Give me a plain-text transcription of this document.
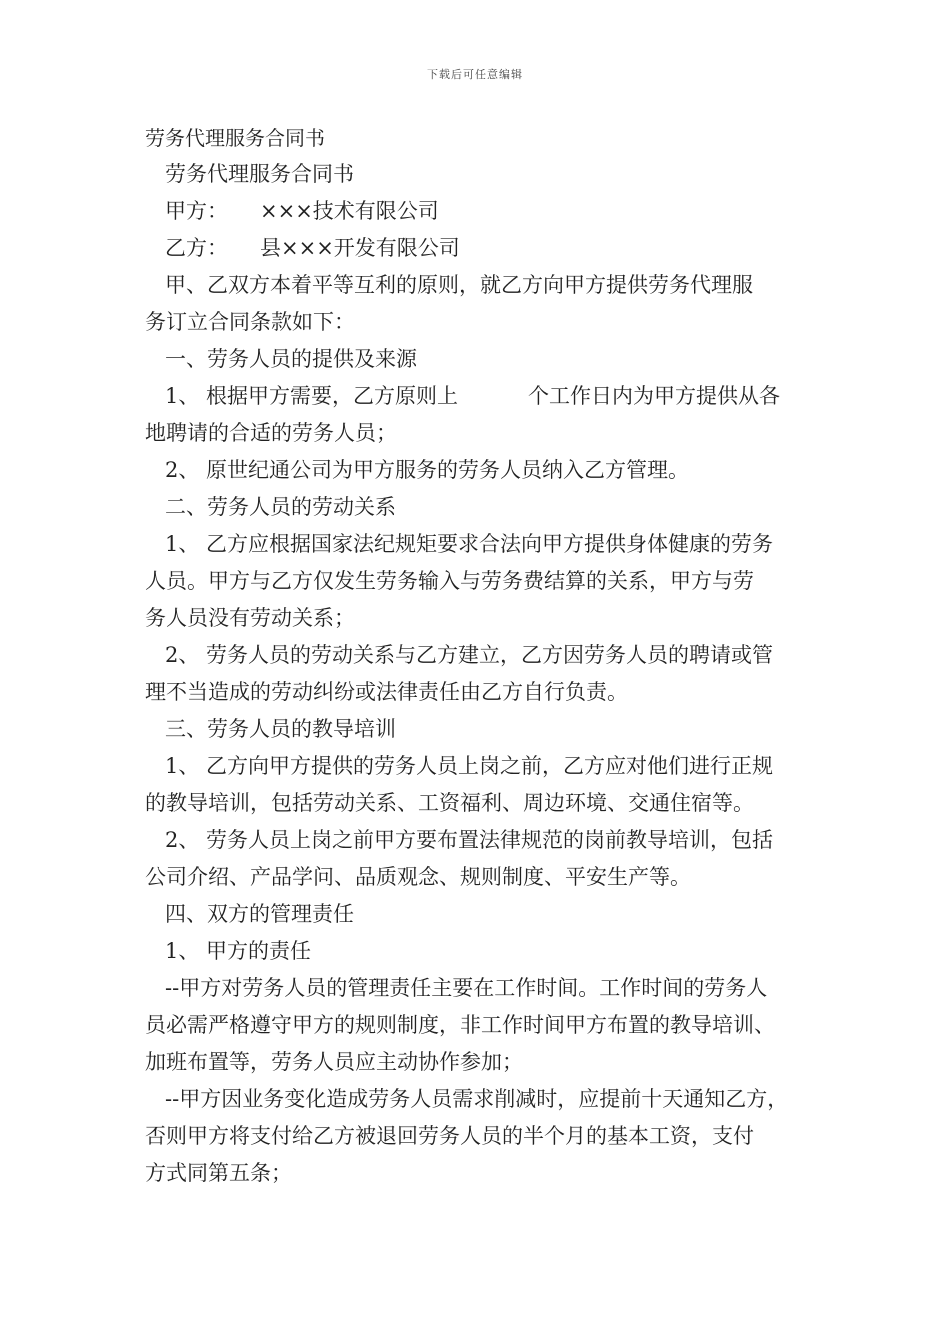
下载后可任意编辑
劳务代理服务合同书
劳务代理服务合同书
甲方： ×××技术有限公司
乙方： 县×××开发有限公司
甲、乙双方本着平等互利的原则，就乙方向甲方提供劳务代理服
务订立合同条款如下：
一、劳务人员的提供及来源
1、 根据甲方需要，乙方原则上	个工作日内为甲方提供从各
地聘请的合适的劳务人员；
2、 原世纪通公司为甲方服务的劳务人员纳入乙方管理。
二、劳务人员的劳动关系
1、 乙方应根据国家法纪规矩要求合法向甲方提供身体健康的劳务
人员。甲方与乙方仅发生劳务输入与劳务费结算的关系，甲方与劳
务人员没有劳动关系；
2、 劳务人员的劳动关系与乙方建立，乙方因劳务人员的聘请或管
理不当造成的劳动纠纷或法律责任由乙方自行负责。
三、劳务人员的教导培训
1、 乙方向甲方提供的劳务人员上岗之前，乙方应对他们进行正规
的教导培训，包括劳动关系、工资福利、周边环境、交通住宿等。
2、 劳务人员上岗之前甲方要布置法律规范的岗前教导培训，包括
公司介绍、产品学问、品质观念、规则制度、平安生产等。
四、双方的管理责任
1、 甲方的责任
--甲方对劳务人员的管理责任主要在工作时间。工作时间的劳务人
员必需严格遵守甲方的规则制度，非工作时间甲方布置的教导培训、
加班布置等，劳务人员应主动协作参加；
--甲方因业务变化造成劳务人员需求削减时，应提前十天通知乙方，
否则甲方将支付给乙方被退回劳务人员的半个月的基本工资，支付
方式同第五条；
